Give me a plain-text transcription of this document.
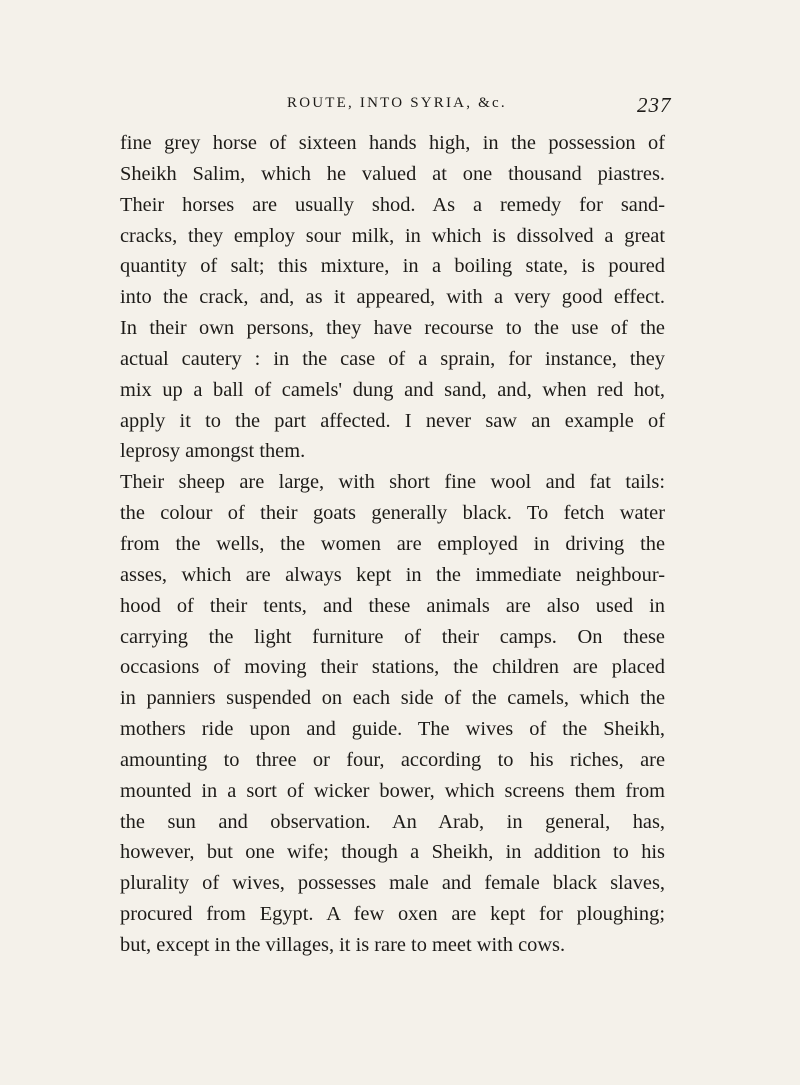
ROUTE, INTO SYRIA, &c.	237
fine grey horse of sixteen hands high, in the possession of
Sheikh Salim, which he valued at one thousand piastres.
Their horses are usually shod. As a remedy for sand-
cracks, they employ sour milk, in which is dissolved a great
quantity of salt; this mixture, in a boiling state, is poured
into the crack, and, as it appeared, with a very good effect.
In their own persons, they have recourse to the use of the
actual cautery : in the case of a sprain, for instance, they
mix up a ball of camels' dung and sand, and, when red hot,
apply it to the part affected. I never saw an example of
leprosy amongst them.
Their sheep are large, with short fine wool and fat tails:
the colour of their goats generally black. To fetch water
from the wells, the women are employed in driving the
asses, which are always kept in the immediate neighbour-
hood of their tents, and these animals are also used in
carrying the light furniture of their camps. On these
occasions of moving their stations, the children are placed
in panniers suspended on each side of the camels, which the
mothers ride upon and guide. The wives of the Sheikh,
amounting to three or four, according to his riches, are
mounted in a sort of wicker bower, which screens them from
the sun and observation. An Arab, in general, has,
however, but one wife; though a Sheikh, in addition to his
plurality of wives, possesses male and female black slaves,
procured from Egypt. A few oxen are kept for ploughing;
but, except in the villages, it is rare to meet with cows.
